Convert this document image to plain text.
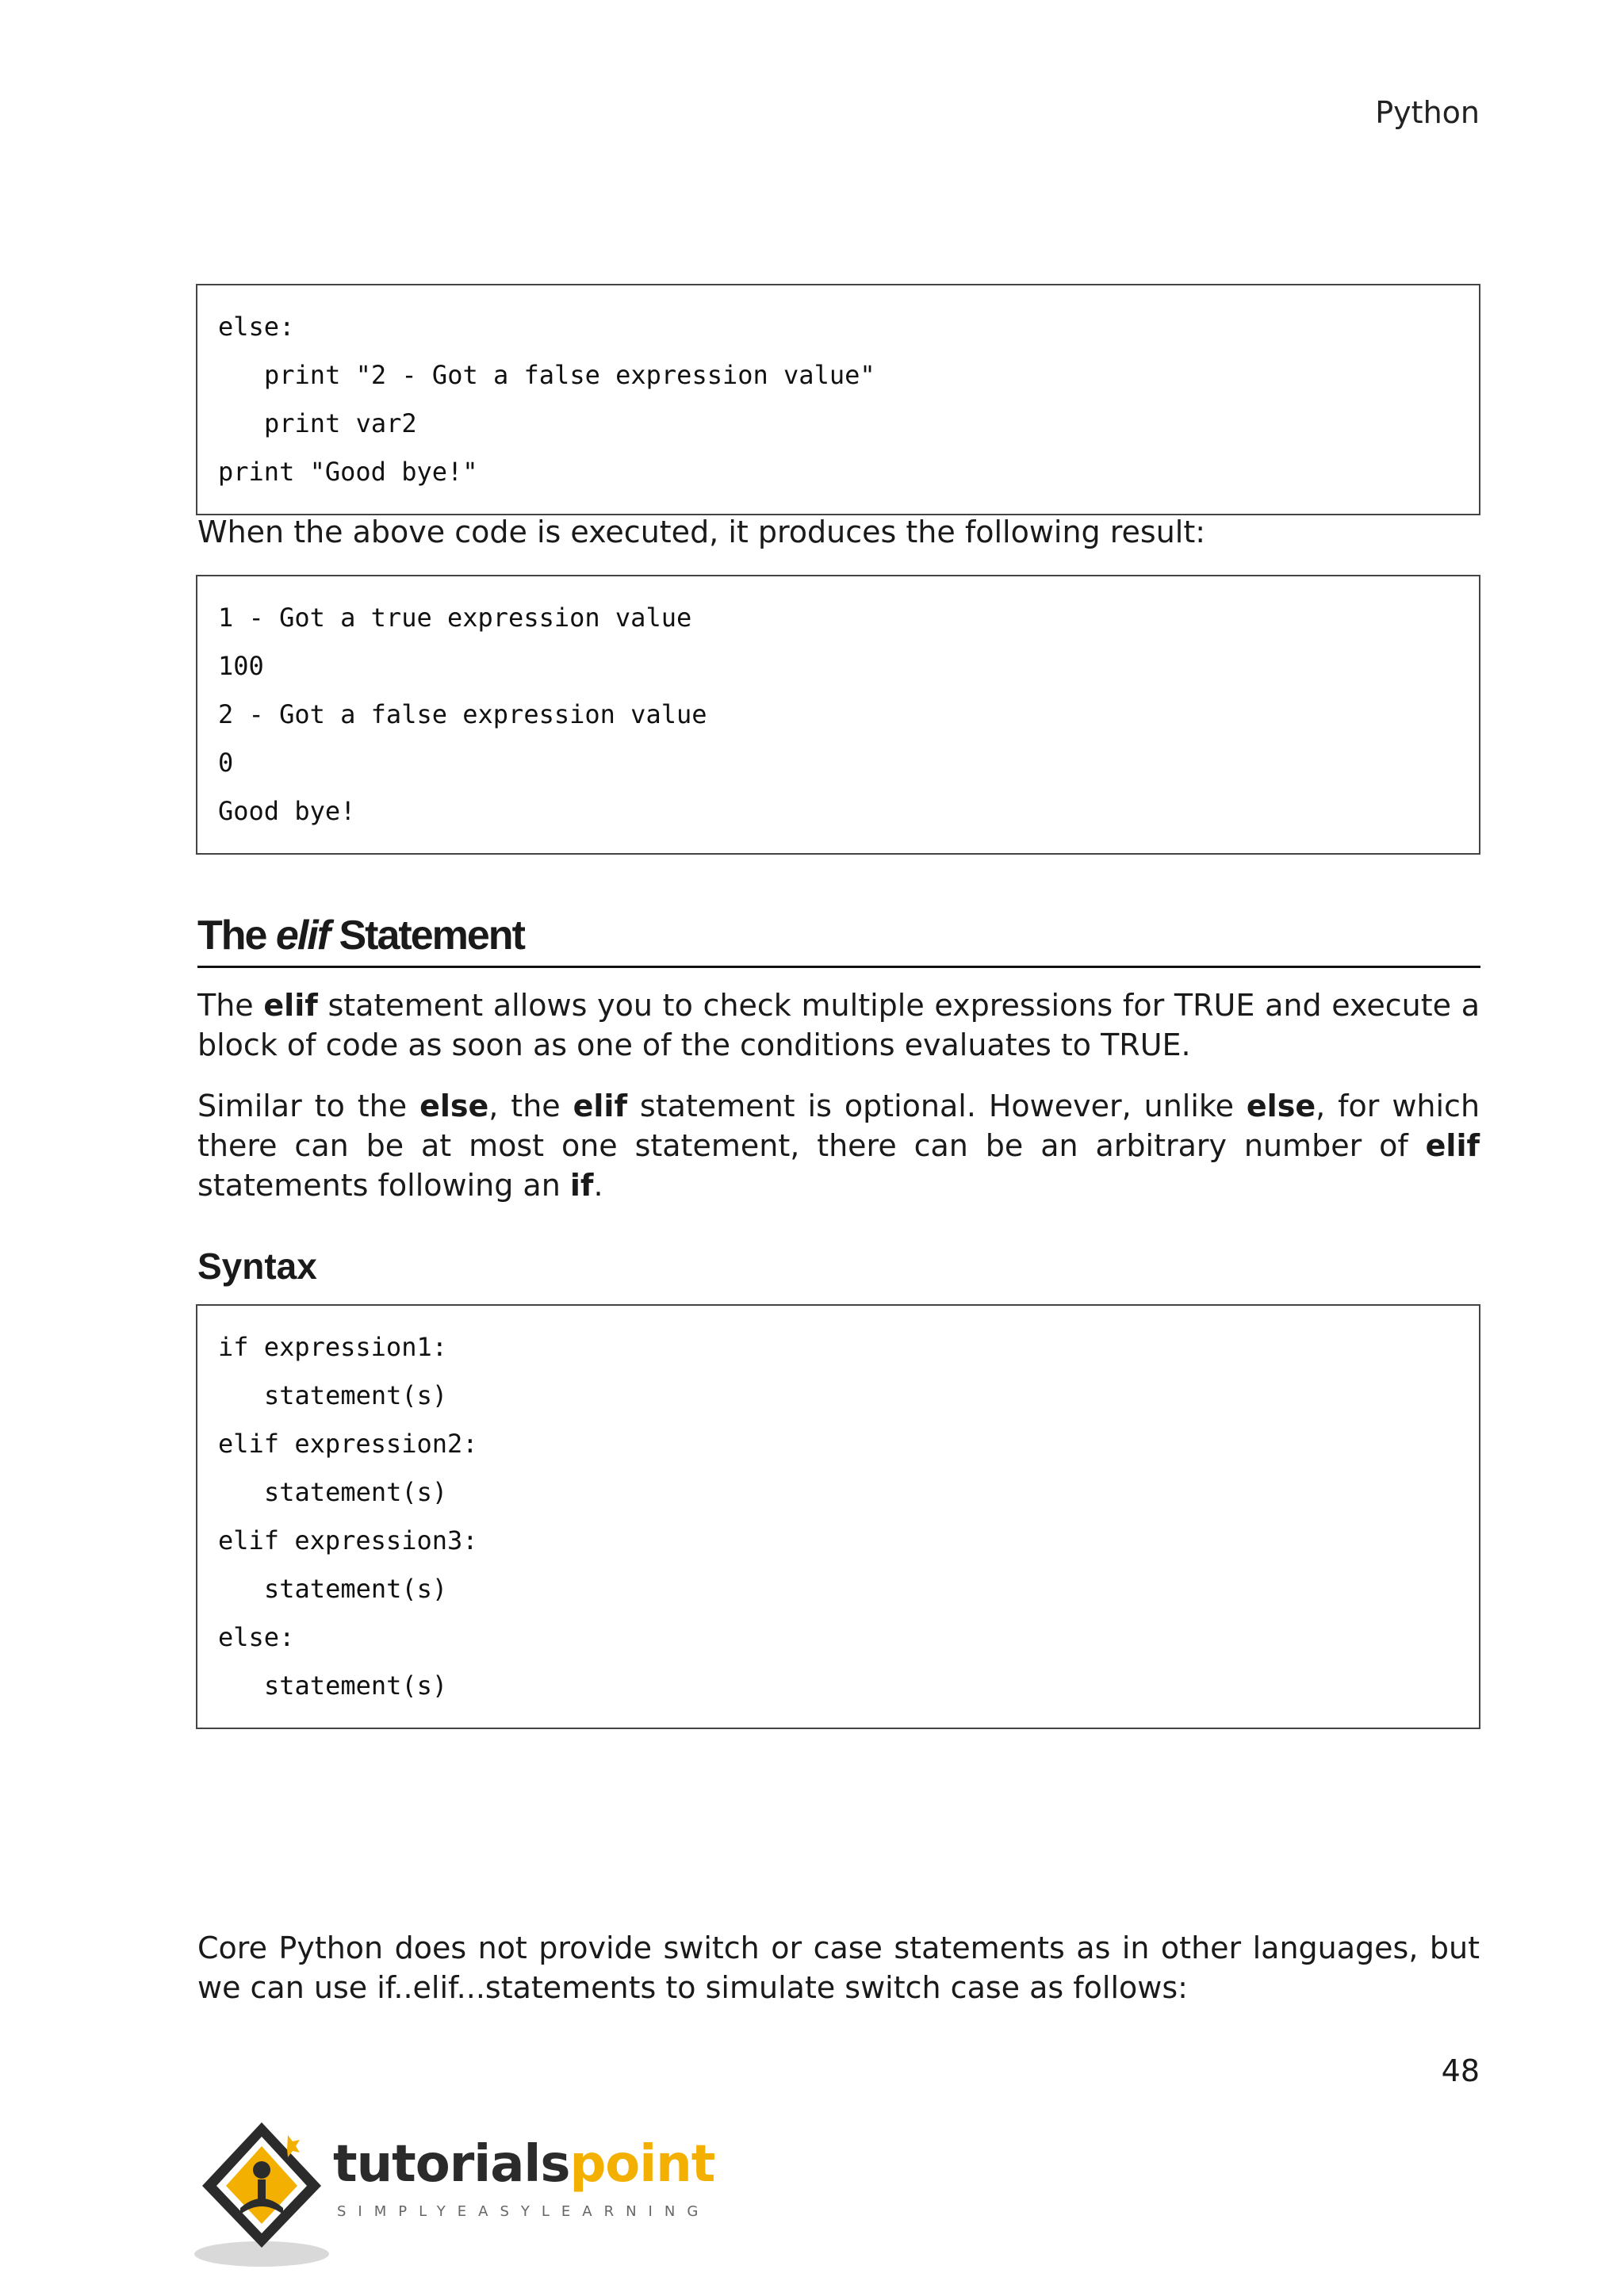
Python
else:
print "2 - Got a false expression value"
print var2
print "Good bye!"
When the above code is executed, it produces the following result:
1 - Got a true expression value
100
2 - Got a false expression value
0
Good bye!
The elif Statement
The elif statement allows you to check multiple expressions for TRUE and execute a block of code as soon as one of the conditions evaluates to TRUE.
Similar to the else, the elif statement is optional. However, unlike else, for which there can be at most one statement, there can be an arbitrary number of elif statements following an if.
Syntax
if expression1:
statement(s)
elif expression2:
statement(s)
elif expression3:
statement(s)
else:
statement(s)
Core Python does not provide switch or case statements as in other languages, but we can use if..elif...statements to simulate switch case as follows:
48
tutorialspoint
SIMPLYEASYLEARNING
